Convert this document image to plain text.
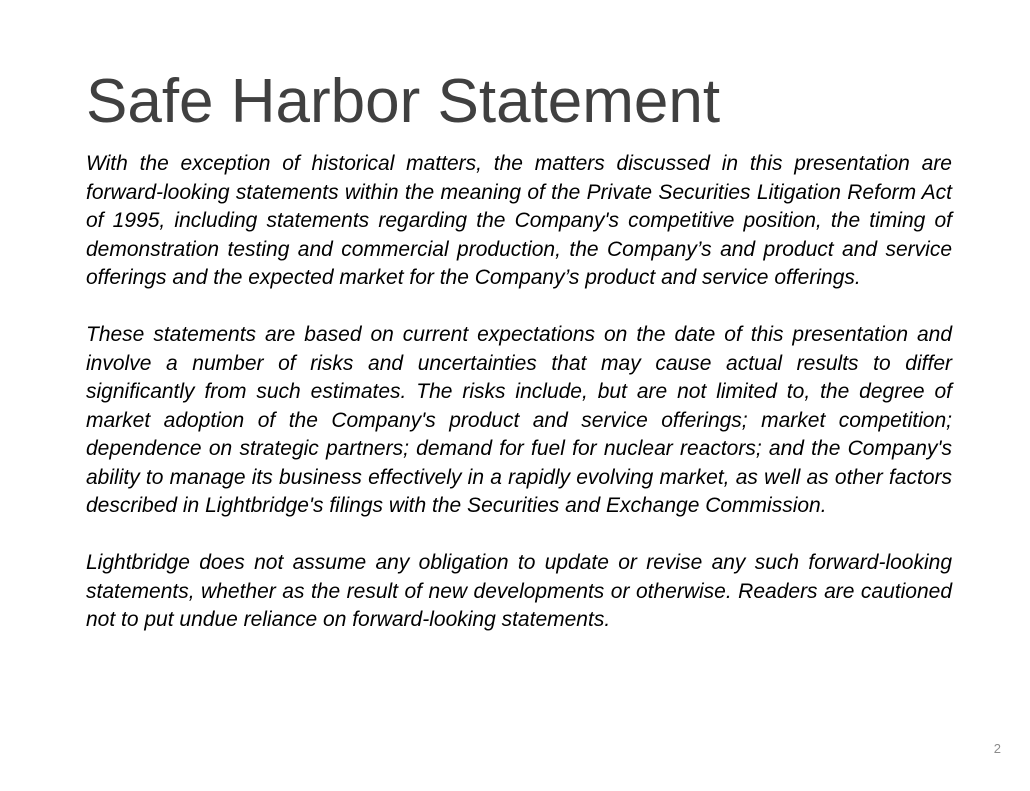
Safe Harbor Statement

With the exception of historical matters, the matters discussed in this presentation are forward-looking statements within the meaning of the Private Securities Litigation Reform Act of 1995, including statements regarding the Company's competitive position, the timing of demonstration testing and commercial production, the Company’s and product and service offerings and the expected market for the Company’s product and service offerings.

These statements are based on current expectations on the date of this presentation and involve a number of risks and uncertainties that may cause actual results to differ significantly from such estimates. The risks include, but are not limited to, the degree of market adoption of the Company's product and service offerings; market competition; dependence on strategic partners; demand for fuel for nuclear reactors; and the Company's ability to manage its business effectively in a rapidly evolving market, as well as other factors described in Lightbridge's filings with the Securities and Exchange Commission.

Lightbridge does not assume any obligation to update or revise any such forward-looking statements, whether as the result of new developments or otherwise. Readers are cautioned not to put undue reliance on forward-looking statements.

2
